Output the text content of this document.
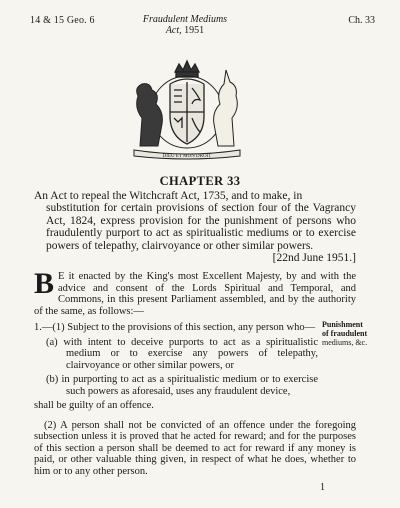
14 & 15 Geo. 6	Fraudulent Mediums
Act, 1951
Ch. 33
DIEU ET MON DROIT
CHAPTER 33
An Act to repeal the Witchcraft Act, 1735, and to make, in
substitution for certain provisions of section four of the Vagrancy Act, 1824, express provision for the punishment of persons who fraudulently purport to act as spiritualistic mediums or to exercise powers of telepathy, clairvoyance or other similar powers.
[22nd June 1951.]
B E it enacted by the King's most Excellent Majesty, by and with the advice and consent of the Lords Spiritual and Temporal, and Commons, in this present Parliament assembled, and by the authority of the same, as follows:—
1.—(1) Subject to the provisions of this section, any person who—
(a) with intent to deceive purports to act as a spiritualistic medium or to exercise any powers of telepathy, clairvoyance or other similar powers, or
(b) in purporting to act as a spiritualistic medium or to exercise such powers as aforesaid, uses any fraudulent device,
shall be guilty of an offence.
Punishment
of fraudulent
mediums, &c.
(2) A person shall not be convicted of an offence under the foregoing subsection unless it is proved that he acted for reward; and for the purposes of this section a person shall be deemed to act for reward if any money is paid, or other valuable thing given, in respect of what he does, whether to him or to any other person.
1
